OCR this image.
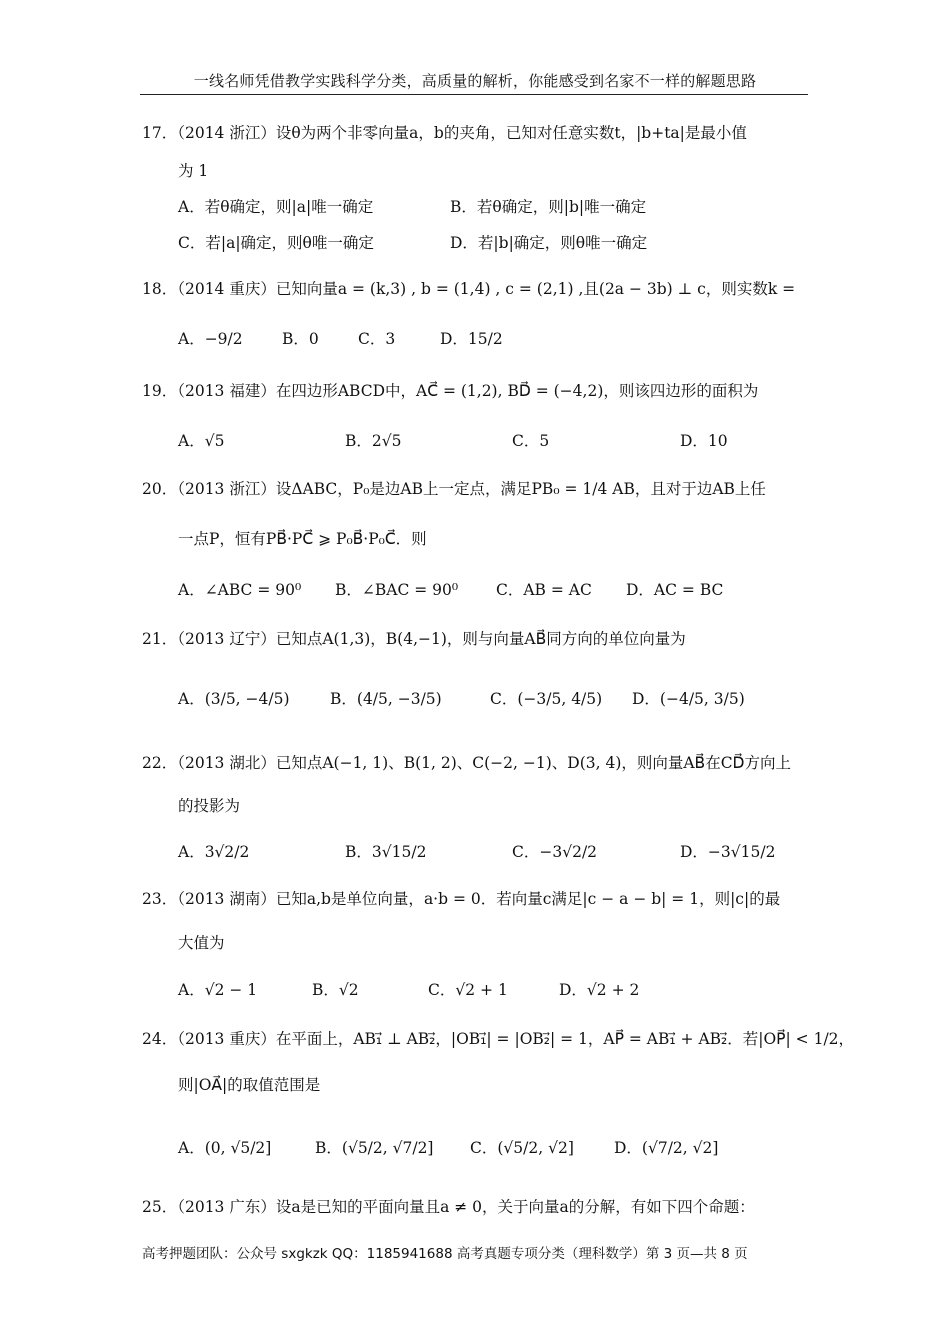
一线名师凭借教学实践科学分类，高质量的解析，你能感受到名家不一样的解题思路
17．（2014 浙江）设θ为两个非零向量a，b的夹角，已知对任意实数t，|b+ta|是最小值
为 1
A．若θ确定，则|a|唯一确定	B．若θ确定，则|b|唯一确定
C．若|a|确定，则θ唯一确定	D．若|b|确定，则θ唯一确定
18．（2014 重庆）已知向量a = (k,3) , b = (1,4) , c = (2,1) ,且(2a − 3b) ⊥ c，则实数k =
A．−9/2	B．0	C．3	D．15/2
19．（2013 福建）在四边形ABCD中，AC⃗ = (1,2), BD⃗ = (−4,2)，则该四边形的面积为
A．√5	B．2√5	C．5	D．10
20．（2013 浙江）设ΔABC，P₀是边AB上一定点，满足PB₀ = 1/4 AB，且对于边AB上任
一点P，恒有PB⃗·PC⃗ ⩾ P₀B⃗·P₀C⃗．则
A．∠ABC = 90⁰ B．∠BAC = 90⁰ C．AB = AC D．AC = BC
21．（2013 辽宁）已知点A(1,3)，B(4,−1)，则与向量AB⃗同方向的单位向量为
A．(3/5, −4/5)	B．(4/5, −3/5)	C．(−3/5, 4/5) D．(−4/5, 3/5)
22．（2013 湖北）已知点A(−1, 1)、B(1, 2)、C(−2, −1)、D(3, 4)，则向量AB⃗在CD⃗方向上
的投影为
A．3√2/2	B．3√15/2	C．−3√2/2	D．−3√15/2
23．（2013 湖南）已知a,b是单位向量，a·b = 0．若向量c满足|c − a − b| = 1，则|c|的最
大值为
A．√2 − 1	B．√2	C．√2 + 1	D．√2 + 2
24．（2013 重庆）在平面上，AB₁⃗ ⊥ AB₂⃗，|OB₁⃗| = |OB₂⃗| = 1，AP⃗ = AB₁⃗ + AB₂⃗．若|OP⃗| < 1/2，
则|OA⃗|的取值范围是
A．(0, √5/2]	B．(√5/2, √7/2] C．(√5/2, √2]	D．(√7/2, √2]
25．（2013 广东）设a是已知的平面向量且a ≠ 0，关于向量a的分解，有如下四个命题：
高考押题团队：公众号 sxgkzk QQ：1185941688 高考真题专项分类（理科数学）第 3 页—共 8 页
